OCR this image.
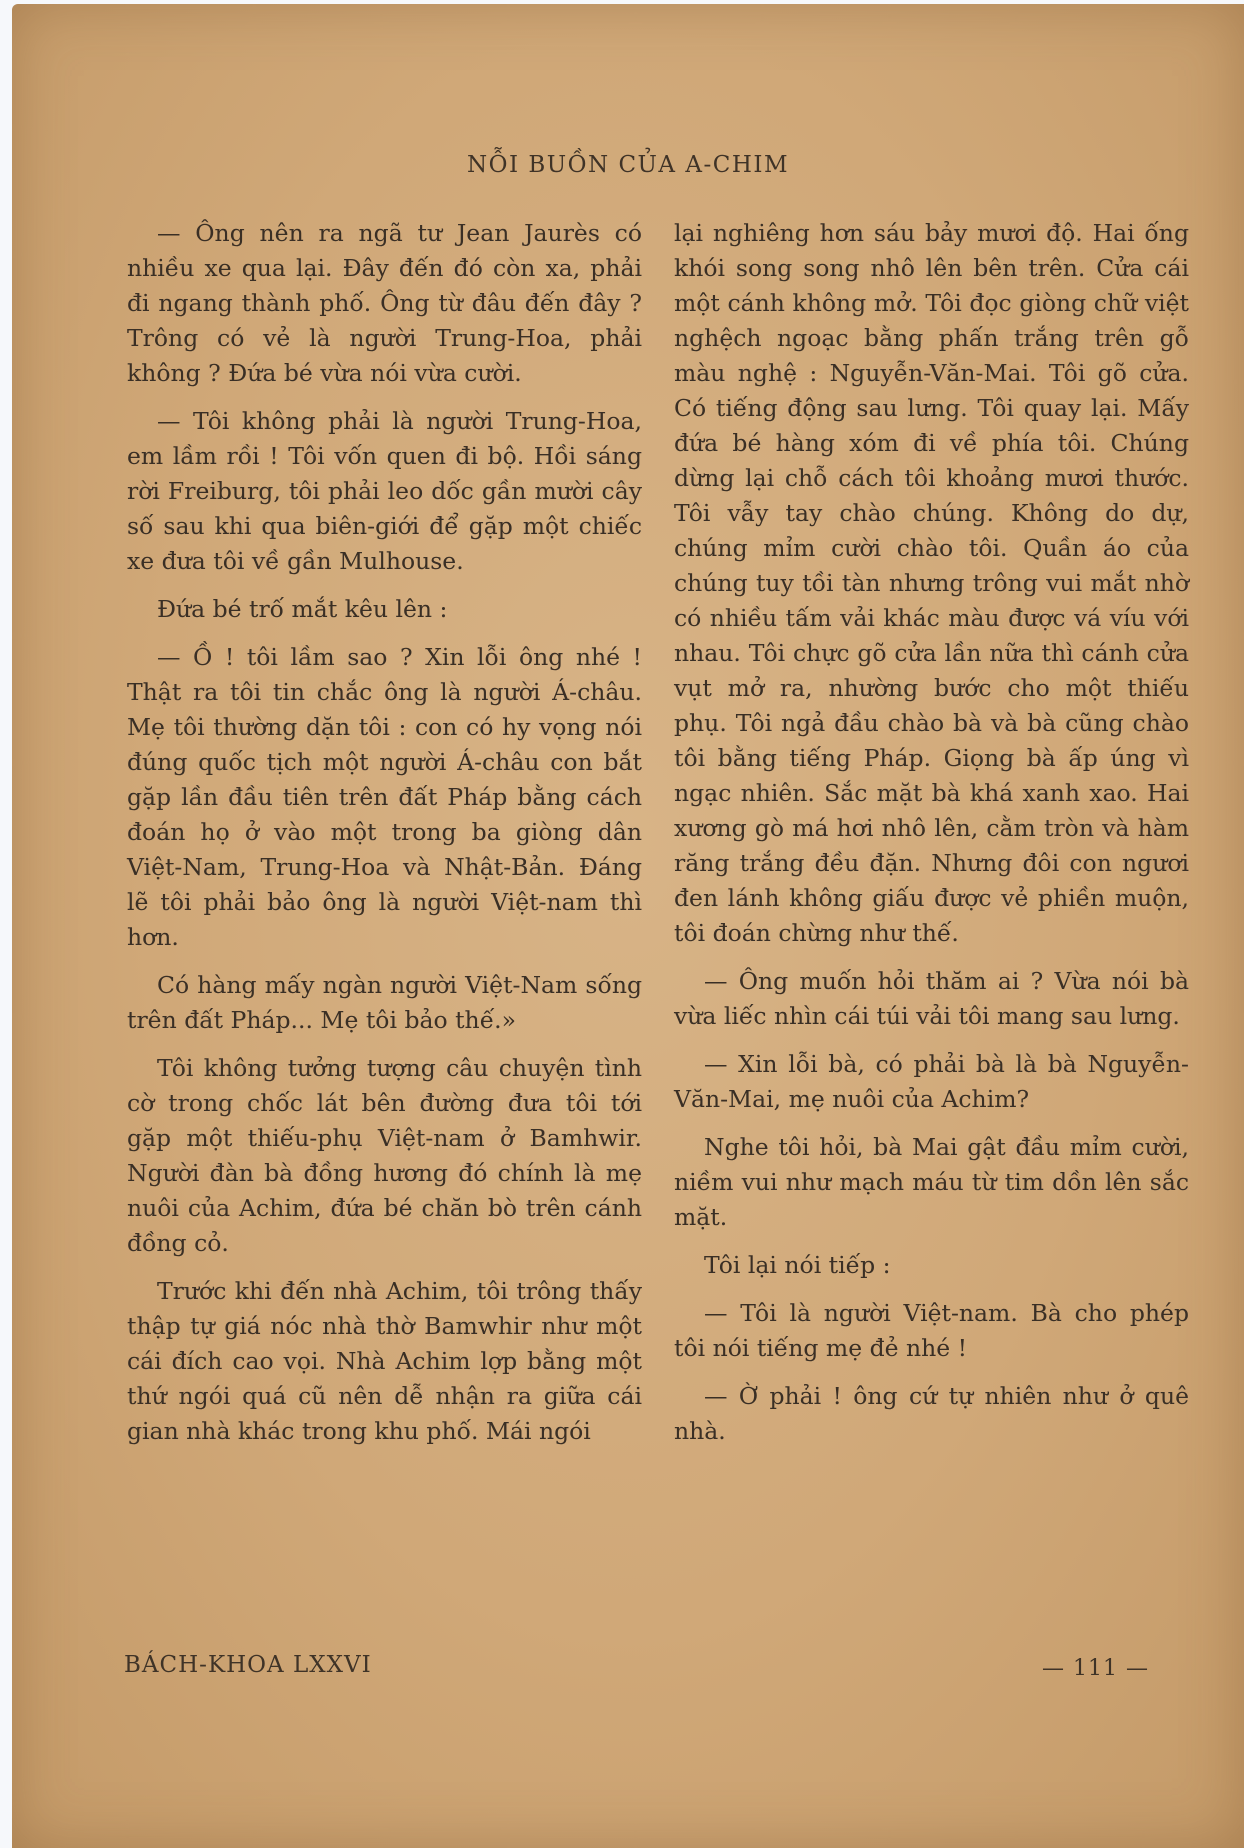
NỖI BUỒN CỦA A-CHIM

— Ông nên ra ngã tư Jean Jaurès có nhiều xe qua lại. Đây đến đó còn xa, phải đi ngang thành phố. Ông từ đâu đến đây ? Trông có vẻ là người Trung-Hoa, phải không ? Đứa bé vừa nói vừa cười.

— Tôi không phải là người Trung-Hoa, em lầm rồi ! Tôi vốn quen đi bộ. Hồi sáng rời Freiburg, tôi phải leo dốc gần mười cây số sau khi qua biên-giới để gặp một chiếc xe đưa tôi về gần Mulhouse.

Đứa bé trố mắt kêu lên :

— Ồ ! tôi lầm sao ? Xin lỗi ông nhé ! Thật ra tôi tin chắc ông là người Á-châu. Mẹ tôi thường dặn tôi : con có hy vọng nói đúng quốc tịch một người Á-châu con bắt gặp lần đầu tiên trên đất Pháp bằng cách đoán họ ở vào một trong ba giòng dân Việt-Nam, Trung-Hoa và Nhật-Bản. Đáng lẽ tôi phải bảo ông là người Việt-nam thì hơn.

Có hàng mấy ngàn người Việt-Nam sống trên đất Pháp... Mẹ tôi bảo thế.»

Tôi không tưởng tượng câu chuyện tình cờ trong chốc lát bên đường đưa tôi tới gặp một thiếu-phụ Việt-nam ở Bamhwir. Người đàn bà đồng hương đó chính là mẹ nuôi của Achim, đứa bé chăn bò trên cánh đồng cỏ.

Trước khi đến nhà Achim, tôi trông thấy thập tự giá nóc nhà thờ Bamwhir như một cái đích cao vọi. Nhà Achim lợp bằng một thứ ngói quá cũ nên dễ nhận ra giữa cái gian nhà khác trong khu phố. Mái ngói

lại nghiêng hơn sáu bảy mươi độ. Hai ống khói song song nhô lên bên trên. Cửa cái một cánh không mở. Tôi đọc giòng chữ việt nghệch ngoạc bằng phấn trắng trên gỗ màu nghệ : Nguyễn-Văn-Mai. Tôi gõ cửa. Có tiếng động sau lưng. Tôi quay lại. Mấy đứa bé hàng xóm đi về phía tôi. Chúng dừng lại chỗ cách tôi khoảng mươi thước. Tôi vẫy tay chào chúng. Không do dự, chúng mỉm cười chào tôi. Quần áo của chúng tuy tồi tàn nhưng trông vui mắt nhờ có nhiều tấm vải khác màu được vá víu với nhau. Tôi chực gõ cửa lần nữa thì cánh cửa vụt mở ra, nhường bước cho một thiếu phụ. Tôi ngả đầu chào bà và bà cũng chào tôi bằng tiếng Pháp. Giọng bà ấp úng vì ngạc nhiên. Sắc mặt bà khá xanh xao. Hai xương gò má hơi nhô lên, cằm tròn và hàm răng trắng đều đặn. Nhưng đôi con ngươi đen lánh không giấu được vẻ phiền muộn, tôi đoán chừng như thế.

— Ông muốn hỏi thăm ai ? Vừa nói bà vừa liếc nhìn cái túi vải tôi mang sau lưng.

— Xin lỗi bà, có phải bà là bà Nguyễn-Văn-Mai, mẹ nuôi của Achim?

Nghe tôi hỏi, bà Mai gật đầu mỉm cười, niềm vui như mạch máu từ tim dồn lên sắc mặt.

Tôi lại nói tiếp :

— Tôi là người Việt-nam. Bà cho phép tôi nói tiếng mẹ đẻ nhé !

— Ờ phải ! ông cứ tự nhiên như ở quê nhà.

BÁCH-KHOA LXXVI	— 111 —
